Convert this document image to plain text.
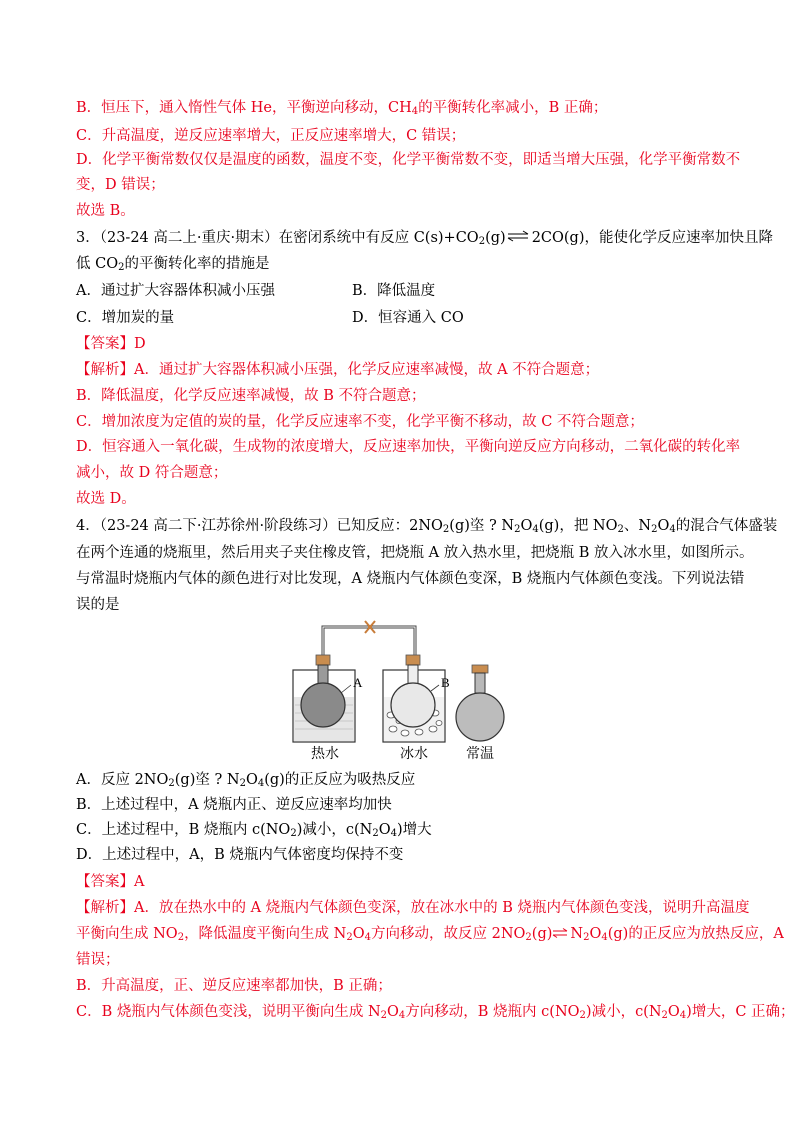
B．恒压下，通入惰性气体 He，平衡逆向移动，$CH_4$的平衡转化率减小，B 正确；
C．升高温度，逆反应速率增大，正反应速率增大，C 错误；
D．化学平衡常数仅仅是温度的函数，温度不变，化学平衡常数不变，即适当增大压强，化学平衡常数不
变，D 错误；
故选 B。
3．（23-24 高二上·重庆·期末）在密闭系统中有反应 $C(s)+CO_2(g)\rightleftharpoons 2CO(g)$，能使化学反应速率加快且降
低 $CO_2$的平衡转化率的措施是
A．通过扩大容器体积减小压强	B．降低温度
C．增加炭的量	D．恒容通入 CO
【答案】D
【解析】A．通过扩大容器体积减小压强，化学反应速率减慢，故 A 不符合题意；
B．降低温度，化学反应速率减慢，故 B 不符合题意；
C．增加浓度为定值的炭的量，化学反应速率不变，化学平衡不移动，故 C 不符合题意；
D．恒容通入一氧化碳，生成物的浓度增大，反应速率加快，平衡向逆反应方向移动，二氧化碳的转化率
减小，故 D 符合题意；
故选 D。
4．（23-24 高二下·江苏徐州·阶段练习）已知反应：$2NO_2(g)$垐 ? $N_2O_4(g)$，把 $NO_2$、$N_2O_4$的混合气体盛装
在两个连通的烧瓶里，然后用夹子夹住橡皮管，把烧瓶 A 放入热水里，把烧瓶 B 放入冰水里，如图所示。
与常温时烧瓶内气体的颜色进行对比发现，A 烧瓶内气体颜色变深，B 烧瓶内气体颜色变浅。下列说法错
误的是
A	B
热水	冰水	常温
A．反应 $2NO_2(g)$垐 ? $N_2O_4(g)$的正反应为吸热反应
B．上述过程中，A 烧瓶内正、逆反应速率均加快
C．上述过程中，B 烧瓶内 $c(NO_2)$减小，$c(N_2O_4)$增大
D．上述过程中，A，B 烧瓶内气体密度均保持不变
【答案】A
【解析】A．放在热水中的 A 烧瓶内气体颜色变深，放在冰水中的 B 烧瓶内气体颜色变浅，说明升高温度
平衡向生成 $NO_2$，降低温度平衡向生成 $N_2O_4$方向移动，故反应 $2NO_2(g)\rightleftharpoons N_2O_4(g)$的正反应为放热反应，A
错误；
B．升高温度，正、逆反应速率都加快，B 正确；
C．B 烧瓶内气体颜色变浅，说明平衡向生成 $N_2O_4$方向移动，B 烧瓶内 $c(NO_2)$减小，$c(N_2O_4)$增大，C 正确；
